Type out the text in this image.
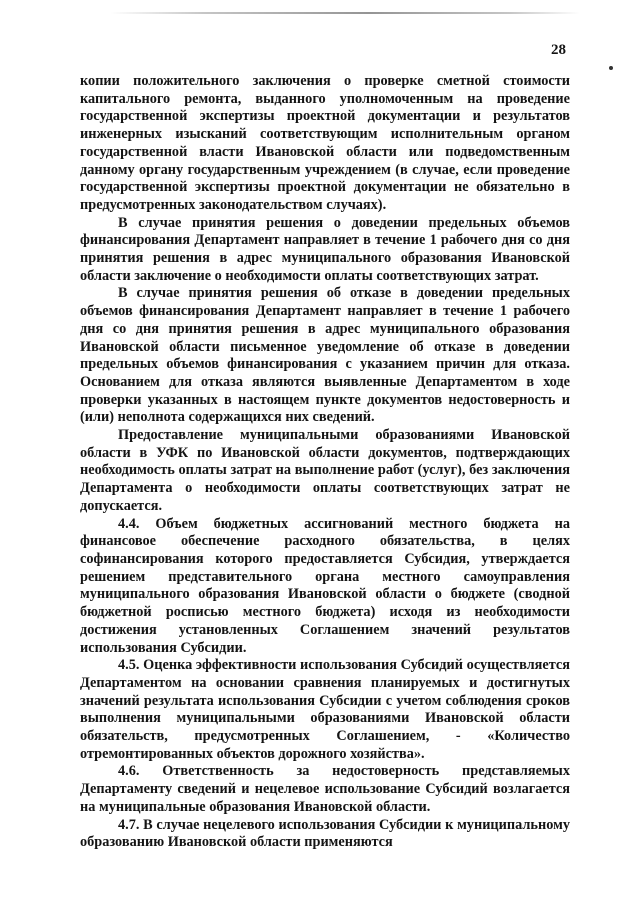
28

копии положительного заключения о проверке сметной стоимости капитального ремонта, выданного уполномоченным на проведение государственной экспертизы проектной документации и результатов инженерных изысканий соответствующим исполнительным органом государственной власти Ивановской области или подведомственным данному органу государственным учреждением (в случае, если проведение государственной экспертизы проектной документации не обязательно в предусмотренных законодательством случаях).

В случае принятия решения о доведении предельных объемов финансирования Департамент направляет в течение 1 рабочего дня со дня принятия решения в адрес муниципального образования Ивановской области заключение о необходимости оплаты соответствующих затрат.

В случае принятия решения об отказе в доведении предельных объемов финансирования Департамент направляет в течение 1 рабочего дня со дня принятия решения в адрес муниципального образования Ивановской области письменное уведомление об отказе в доведении предельных объемов финансирования с указанием причин для отказа. Основанием для отказа являются выявленные Департаментом в ходе проверки указанных в настоящем пункте документов недостоверность и (или) неполнота содержащихся них сведений.

Предоставление муниципальными образованиями Ивановской области в УФК по Ивановской области документов, подтверждающих необходимость оплаты затрат на выполнение работ (услуг), без заключения Департамента о необходимости оплаты соответствующих затрат не допускается.

4.4. Объем бюджетных ассигнований местного бюджета на финансовое обеспечение расходного обязательства, в целях софинансирования которого предоставляется Субсидия, утверждается решением представительного органа местного самоуправления муниципального образования Ивановской области о бюджете (сводной бюджетной росписью местного бюджета) исходя из необходимости достижения установленных Соглашением значений результатов использования Субсидии.

4.5. Оценка эффективности использования Субсидий осуществляется Департаментом на основании сравнения планируемых и достигнутых значений результата использования Субсидии с учетом соблюдения сроков выполнения муниципальными образованиями Ивановской области обязательств, предусмотренных Соглашением, - «Количество отремонтированных объектов дорожного хозяйства».

4.6. Ответственность за недостоверность представляемых Департаменту сведений и нецелевое использование Субсидий возлагается на муниципальные образования Ивановской области.

4.7. В случае нецелевого использования Субсидии к муниципальному образованию Ивановской области применяются
